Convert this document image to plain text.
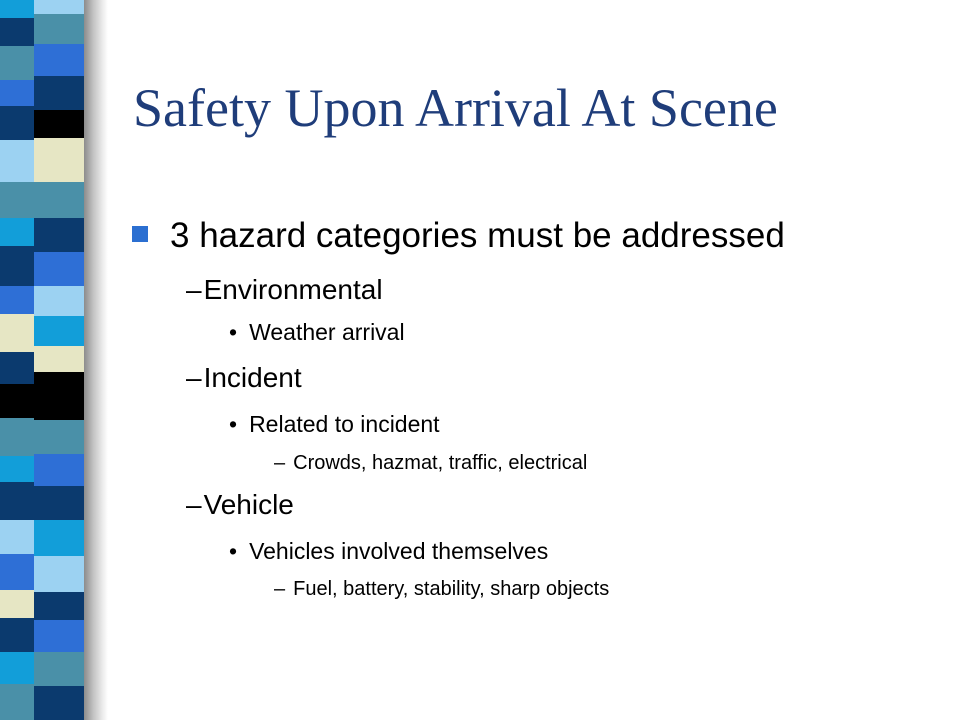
Safety Upon Arrival At Scene
3 hazard categories must be addressed
–Environmental
• Weather arrival
–Incident
• Related to incident
– Crowds, hazmat, traffic, electrical
–Vehicle
• Vehicles involved themselves
– Fuel, battery, stability, sharp objects
